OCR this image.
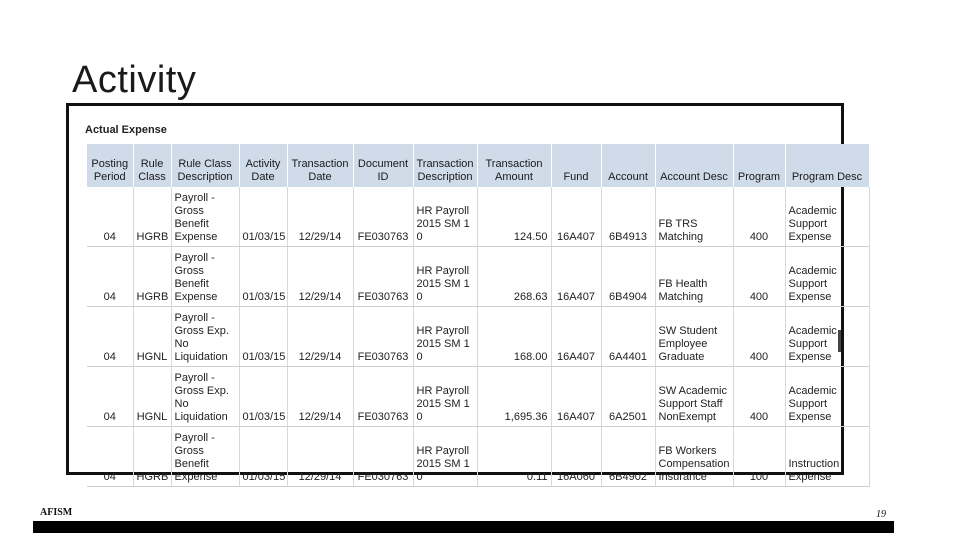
Activity
Actual Expense
Posting Period	Rule Class	Rule Class Description	Activity Date	Transaction Date	Document ID	Transaction Description	Transaction Amount	Fund	Account	Account Desc	Program	Program Desc
04	HGRB	Payroll - Gross Benefit Expense	01/03/15	12/29/14	FE030763	HR Payroll 2015 SM 1 0	124.50	16A407	6B4913	FB TRS Matching	400	Academic Support Expense
04	HGRB	Payroll - Gross Benefit Expense	01/03/15	12/29/14	FE030763	HR Payroll 2015 SM 1 0	268.63	16A407	6B4904	FB Health Matching	400	Academic Support Expense
04	HGNL	Payroll - Gross Exp. No Liquidation	01/03/15	12/29/14	FE030763	HR Payroll 2015 SM 1 0	168.00	16A407	6A4401	SW Student Employee Graduate	400	Academic Support Expense
04	HGNL	Payroll - Gross Exp. No Liquidation	01/03/15	12/29/14	FE030763	HR Payroll 2015 SM 1 0	1,695.36	16A407	6A2501	SW Academic Support Staff NonExempt	400	Academic Support Expense
04	HGRB	Payroll - Gross Benefit Expense	01/03/15	12/29/14	FE030763	HR Payroll 2015 SM 1 0	0.11	16A060	6B4902	FB Workers Compensation Insurance	100	Instruction Expense
AFISM	19
